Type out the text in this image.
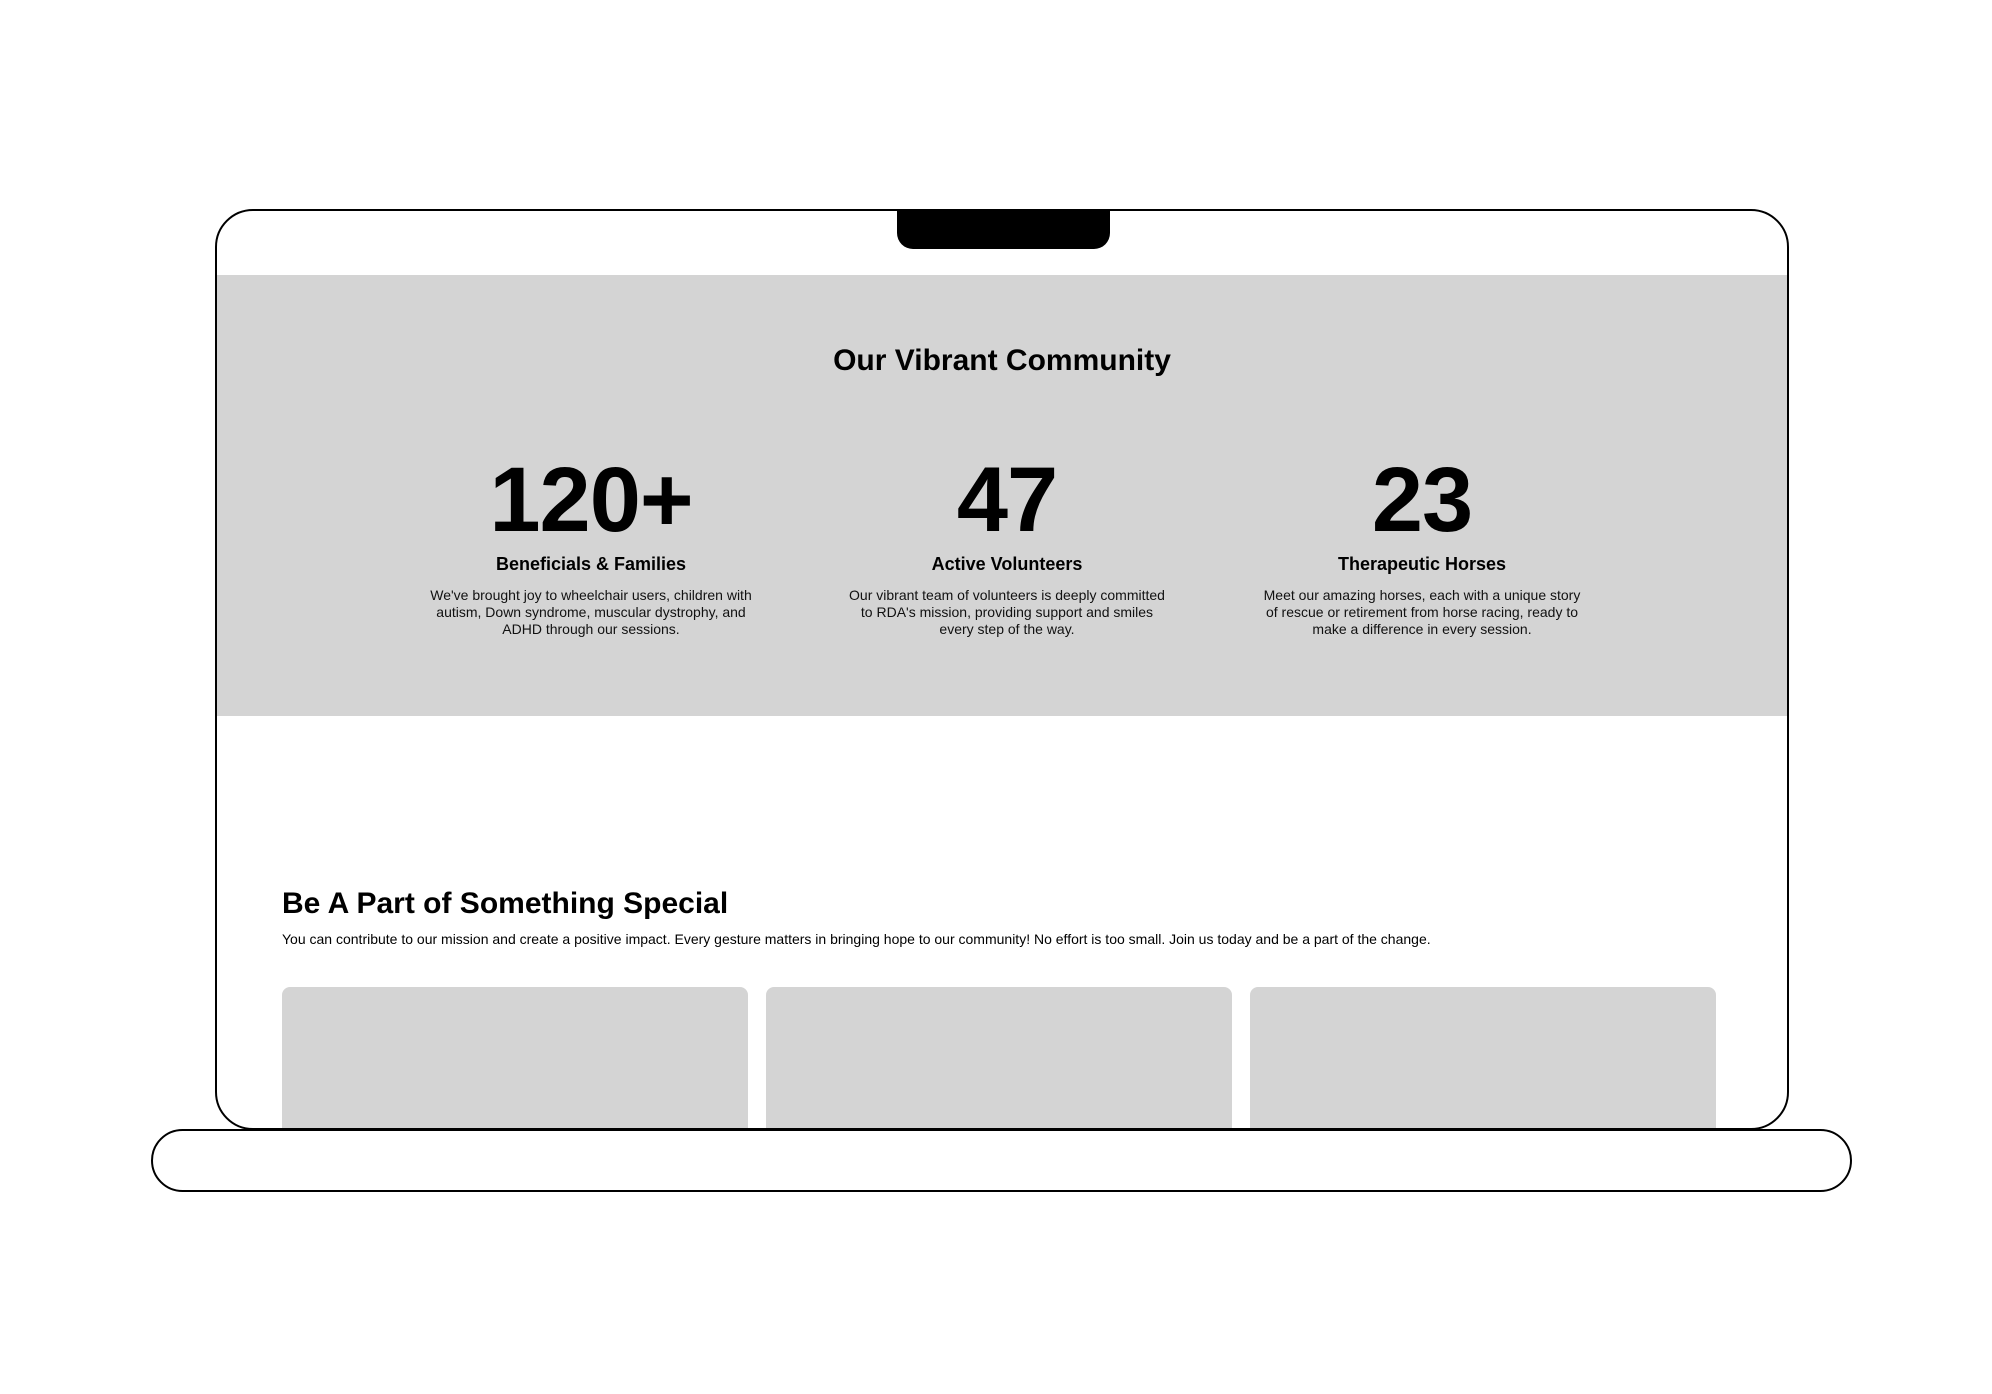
Our Vibrant Community

120+

Beneficials & Families

We've brought joy to wheelchair users, children with autism, Down syndrome, muscular dystrophy, and ADHD through our sessions.

47

Active Volunteers

Our vibrant team of volunteers is deeply committed to RDA's mission, providing support and smiles every step of the way.

23

Therapeutic Horses

Meet our amazing horses, each with a unique story of rescue or retirement from horse racing, ready to make a difference in every session.

Be A Part of Something Special

You can contribute to our mission and create a positive impact. Every gesture matters in bringing hope to our community! No effort is too small. Join us today and be a part of the change.
